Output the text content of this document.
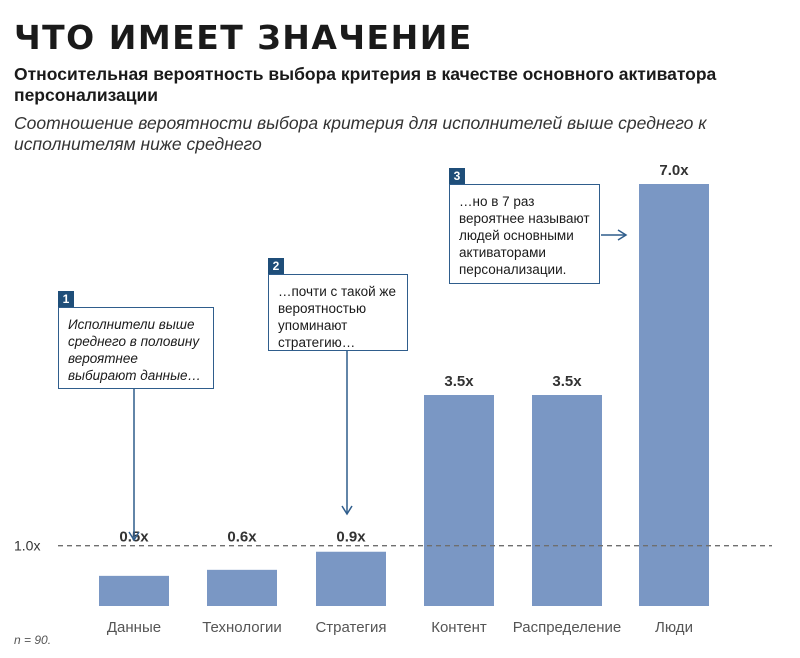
ЧТО ИМЕЕТ ЗНАЧЕНИЕ
Относительная вероятность выбора критерия в качестве основного активатора персонализации
Соотношение вероятности выбора критерия для исполнителей выше среднего к исполнителям ниже среднего
1.0x	0.5x	0.6x	0.9x
3.5x	3.5x
7.0x
Данные	Технологии Стратегия	Контент Распределение Люди
1
Исполнители выше среднего в половину вероятнее выбирают данные…
2
…почти с такой же вероятностью упоминают стратегию…
3
…но в 7 раз вероятнее называют людей основными активаторами персонализации.
n = 90.
